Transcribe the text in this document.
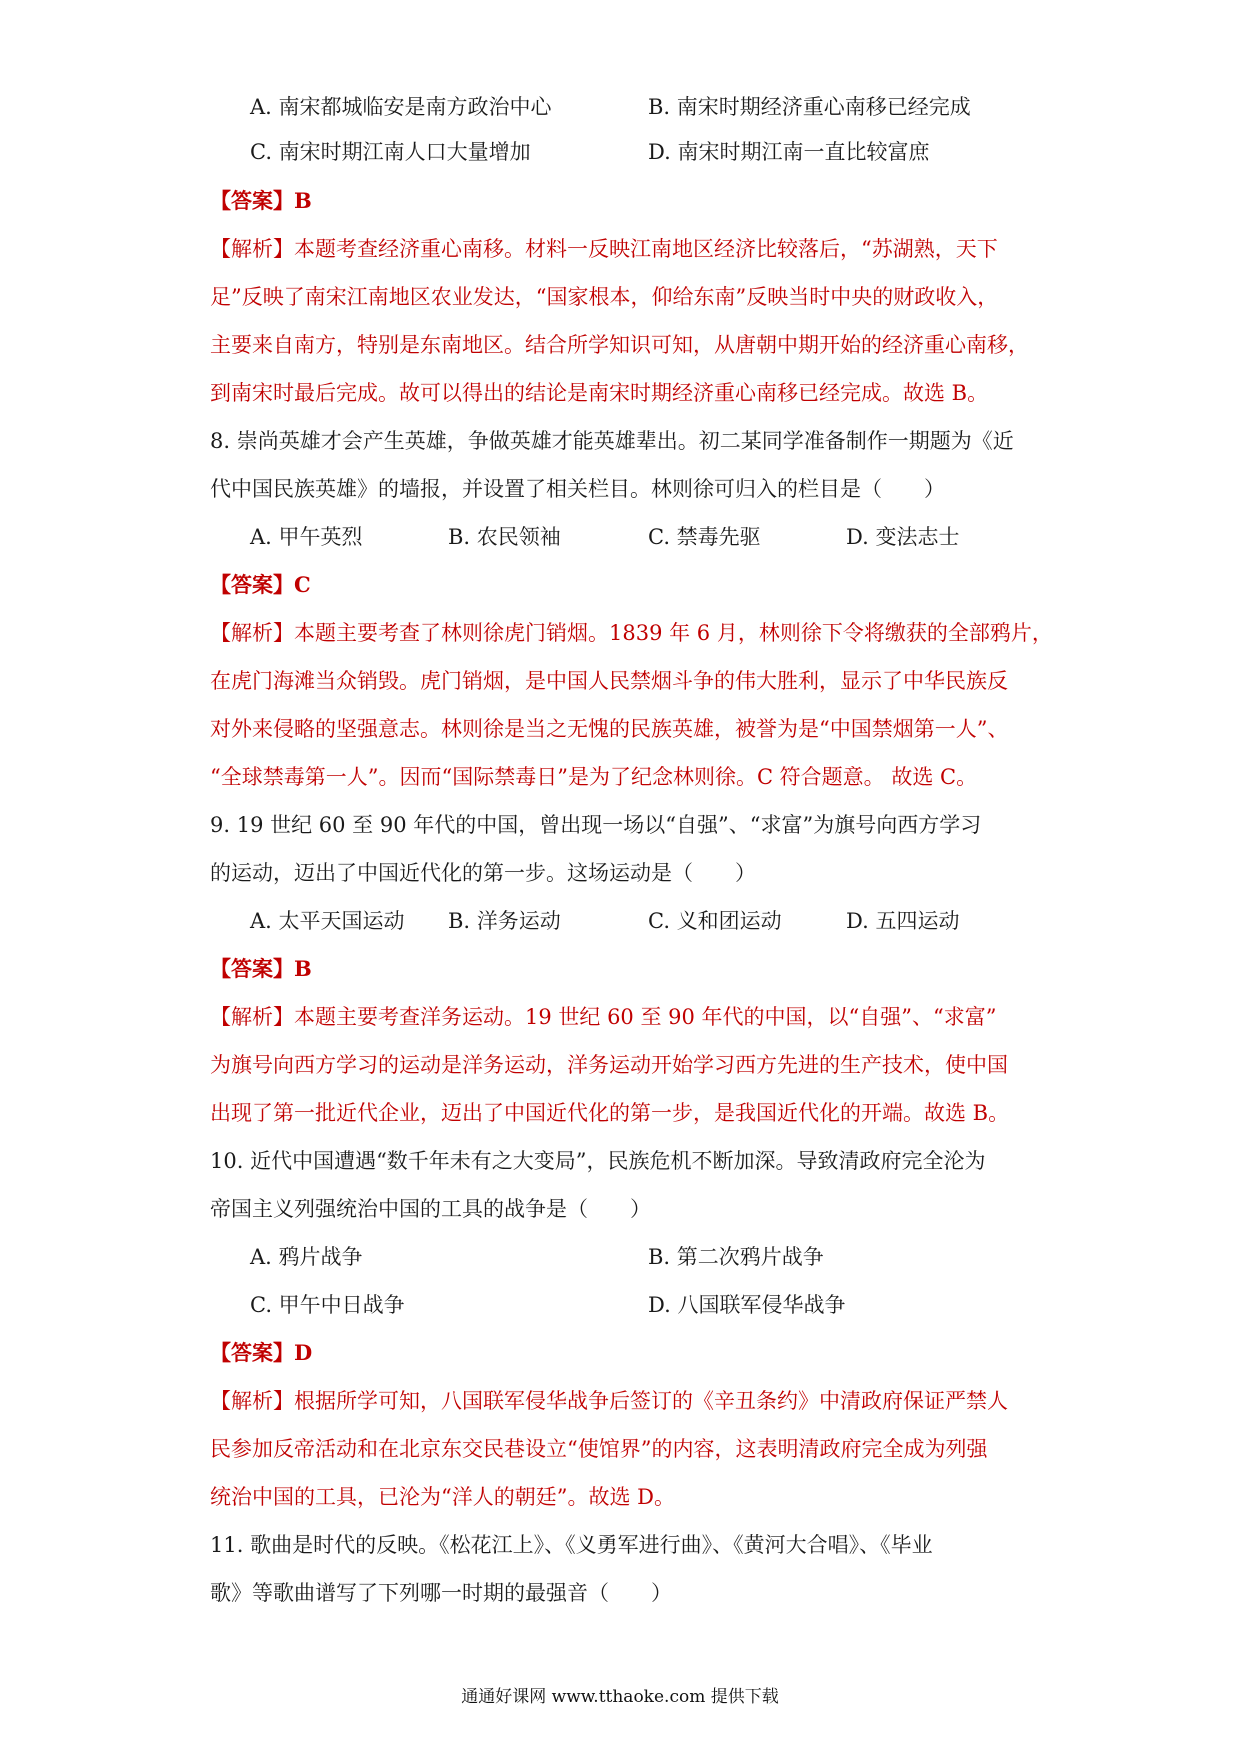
A. 南宋都城临安是南方政治中心	B. 南宋时期经济重心南移已经完成
C. 南宋时期江南人口大量增加	D. 南宋时期江南一直比较富庶
【答案】B
【解析】本题考查经济重心南移。材料一反映江南地区经济比较落后，“苏湖熟，天下
足”反映了南宋江南地区农业发达，“国家根本，仰给东南”反映当时中央的财政收入，
主要来自南方，特别是东南地区。结合所学知识可知，从唐朝中期开始的经济重心南移，
到南宋时最后完成。故可以得出的结论是南宋时期经济重心南移已经完成。故选 B。
8. 崇尚英雄才会产生英雄，争做英雄才能英雄辈出。初二某同学准备制作一期题为《近
代中国民族英雄》的墙报，并设置了相关栏目。林则徐可归入的栏目是（　　）
A. 甲午英烈	B. 农民领袖	C. 禁毒先驱	D. 变法志士
【答案】C
【解析】本题主要考查了林则徐虎门销烟。1839 年 6 月，林则徐下令将缴获的全部鸦片，
在虎门海滩当众销毁。虎门销烟，是中国人民禁烟斗争的伟大胜利，显示了中华民族反
对外来侵略的坚强意志。林则徐是当之无愧的民族英雄，被誉为是“中国禁烟第一人”、
“全球禁毒第一人”。因而“国际禁毒日”是为了纪念林则徐。C 符合题意。 故选 C。
9. 19 世纪 60 至 90 年代的中国，曾出现一场以“自强”、“求富”为旗号向西方学习
的运动，迈出了中国近代化的第一步。这场运动是（　　）
A. 太平天国运动 B. 洋务运动	C. 义和团运动	D. 五四运动
【答案】B
【解析】本题主要考查洋务运动。19 世纪 60 至 90 年代的中国，以“自强”、“求富”
为旗号向西方学习的运动是洋务运动，洋务运动开始学习西方先进的生产技术，使中国
出现了第一批近代企业，迈出了中国近代化的第一步，是我国近代化的开端。故选 B。
10. 近代中国遭遇“数千年未有之大变局”，民族危机不断加深。导致清政府完全沦为
帝国主义列强统治中国的工具的战争是（　　）
A. 鸦片战争	B. 第二次鸦片战争
C. 甲午中日战争	D. 八国联军侵华战争
【答案】D
【解析】根据所学可知，八国联军侵华战争后签订的《辛丑条约》中清政府保证严禁人
民参加反帝活动和在北京东交民巷设立“使馆界”的内容，这表明清政府完全成为列强
统治中国的工具，已沦为“洋人的朝廷”。故选 D。
11. 歌曲是时代的反映。《松花江上》、《义勇军进行曲》、《黄河大合唱》、《毕业
歌》等歌曲谱写了下列哪一时期的最强音（　　）
通通好课网 www.tthaoke.com 提供下载
